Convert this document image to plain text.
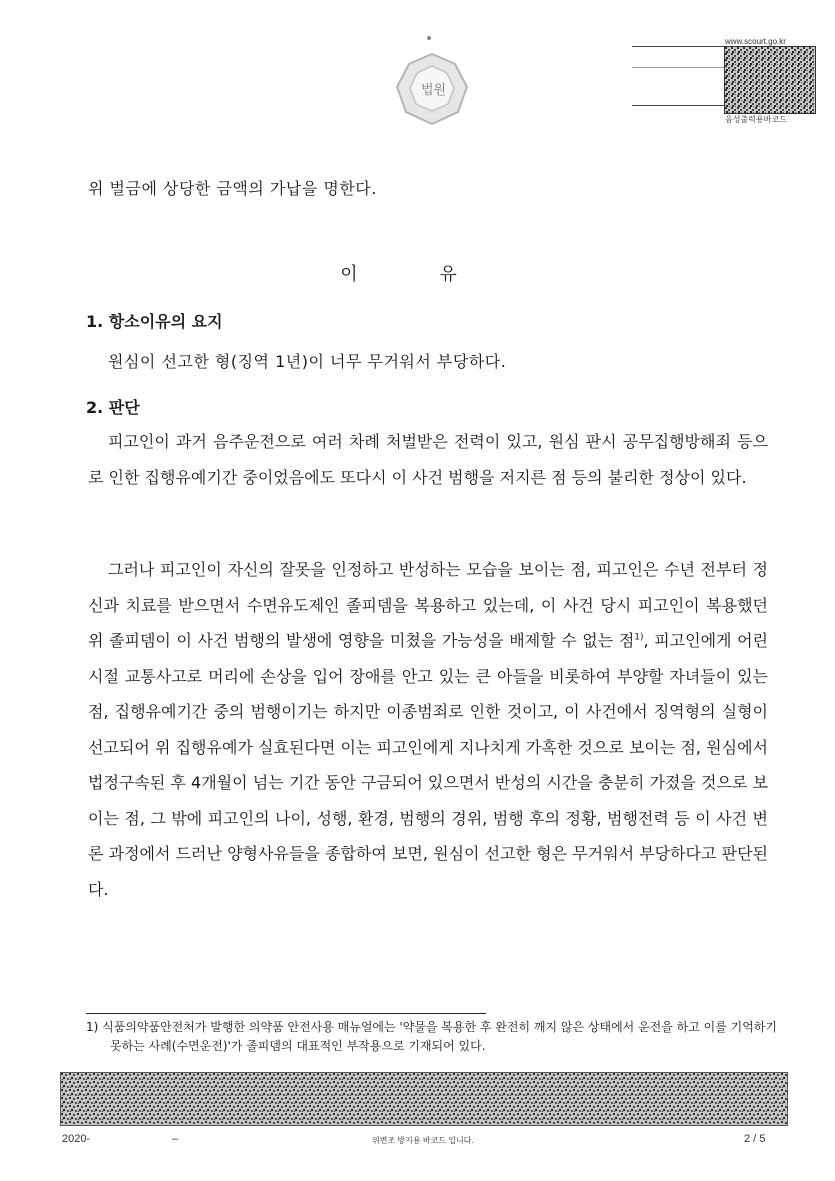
법원
www.scourt.go.kr
음성출력용바코드
위 벌금에 상당한 금액의 가납을 명한다.
이 유
1. 항소이유의 요지
원심이 선고한 형(징역 1년)이 너무 무거워서 부당하다.
2. 판단
피고인이 과거 음주운전으로 여러 차례 처벌받은 전력이 있고, 원심 판시 공무집행방해죄 등으로 인한 집행유예기간 중이었음에도 또다시 이 사건 범행을 저지른 점 등의 불리한 정상이 있다.
그러나 피고인이 자신의 잘못을 인정하고 반성하는 모습을 보이는 점, 피고인은 수년 전부터 정신과 치료를 받으면서 수면유도제인 졸피뎀을 복용하고 있는데, 이 사건 당시 피고인이 복용했던 위 졸피뎀이 이 사건 범행의 발생에 영향을 미쳤을 가능성을 배제할 수 없는 점$^{1)}$, 피고인에게 어린 시절 교통사고로 머리에 손상을 입어 장애를 안고 있는 큰 아들을 비롯하여 부양할 자녀들이 있는 점, 집행유예기간 중의 범행이기는 하지만 이종범죄로 인한 것이고, 이 사건에서 징역형의 실형이 선고되어 위 집행유예가 실효된다면 이는 피고인에게 지나치게 가혹한 것으로 보이는 점, 원심에서 법정구속된 후 4개월이 넘는 기간 동안 구금되어 있으면서 반성의 시간을 충분히 가졌을 것으로 보이는 점, 그 밖에 피고인의 나이, 성행, 환경, 범행의 경위, 범행 후의 정황, 범행전력 등 이 사건 변론 과정에서 드러난 양형사유들을 종합하여 보면, 원심이 선고한 형은 무거워서 부당하다고 판단된다.
1) 식품의약품안전처가 발행한 의약품 안전사용 매뉴얼에는 '약물을 복용한 후 완전히 깨지 않은 상태에서 운전을 하고 이를 기억하기 못하는 사례(수면운전)'가 졸피뎀의 대표적인 부작용으로 기재되어 있다.
2020-	–	위변조 방지용 바코드 입니다.	2 / 5
